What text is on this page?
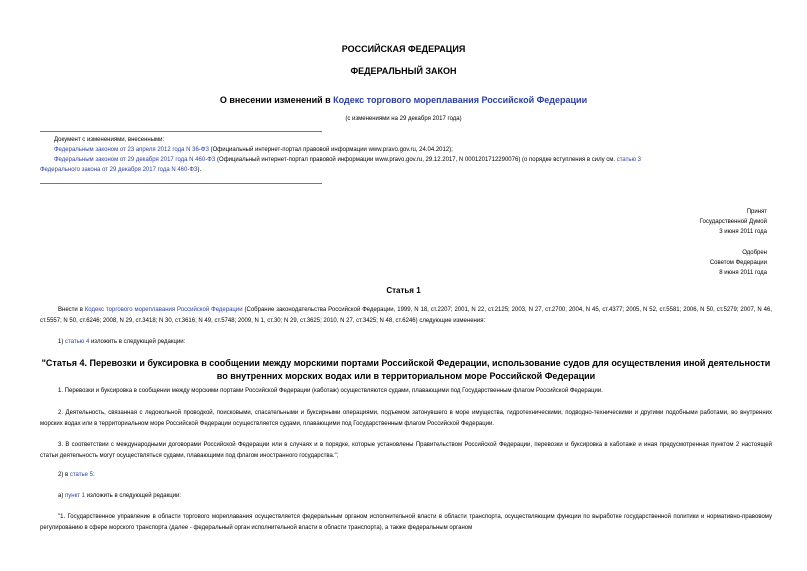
РОССИЙСКАЯ ФЕДЕРАЦИЯ
ФЕДЕРАЛЬНЫЙ ЗАКОН
О внесении изменений в Кодекс торгового мореплавания Российской Федерации
(с изменениями на 29 декабря 2017 года)
Документ с изменениями, внесенными:
Федеральным законом от 23 апреля 2012 года N 36-ФЗ (Официальный интернет-портал правовой информации www.pravo.gov.ru, 24.04.2012);
Федеральным законом от 29 декабря 2017 года N 460-ФЗ (Официальный интернет-портал правовой информации www.pravo.gov.ru, 29.12.2017, N 0001201712290076) (о порядке вступления в силу см. статью 3
Федерального закона от 29 декабря 2017 года N 460-ФЗ).
Принят
Государственной Думой
3 июня 2011 года
Одобрен
Советом Федерации
8 июня 2011 года
Статья 1
Внести в Кодекс торгового мореплавания Российской Федерации (Собрание законодательства Российской Федерации, 1999, N 18, ст.2207; 2001, N 22, ст.2125; 2003, N 27, ст.2700; 2004, N 45, ст.4377; 2005, N 52, ст.5581; 2006, N 50, ст.5279; 2007, N 46, ст.5557; N 50, ст.6246; 2008, N 29, ст.3418; N 30, ст.3616; N 49, ст.5748; 2009, N 1, ст.30; N 29, ст.3625; 2010, N 27, ст.3425; N 48, ст.6246) следующие изменения:
1) статью 4 изложить в следующей редакции:
"Статья 4. Перевозки и буксировка в сообщении между морскими портами Российской Федерации, использование судов для осуществления иной деятельности во внутренних морских водах или в территориальном море Российской Федерации
1. Перевозки и буксировка в сообщении между морскими портами Российской Федерации (каботаж) осуществляются судами, плавающими под Государственным флагом Российской Федерации.
2. Деятельность, связанная с ледокольной проводкой, поисковыми, спасательными и буксирными операциями, подъемом затонувшего в море имущества, гидротехническими, подводно-техническими и другими подобными работами, во внутренних морских водах или в территориальном море Российской Федерации осуществляется судами, плавающими под Государственным флагом Российской Федерации.
3. В соответствии с международными договорами Российской Федерации или в случаях и в порядке, которые установлены Правительством Российской Федерации, перевозки и буксировка в каботаже и иная предусмотренная пунктом 2 настоящей статьи деятельность могут осуществляться судами, плавающими под флагом иностранного государства.";
2) в статье 5:
а) пункт 1 изложить в следующей редакции:
"1. Государственное управление в области торгового мореплавания осуществляется федеральным органом исполнительной власти в области транспорта, осуществляющим функции по выработке государственной политики и нормативно-правовому регулированию в сфере морского транспорта (далее - федеральный орган исполнительной власти в области транспорта), а также федеральным органом
